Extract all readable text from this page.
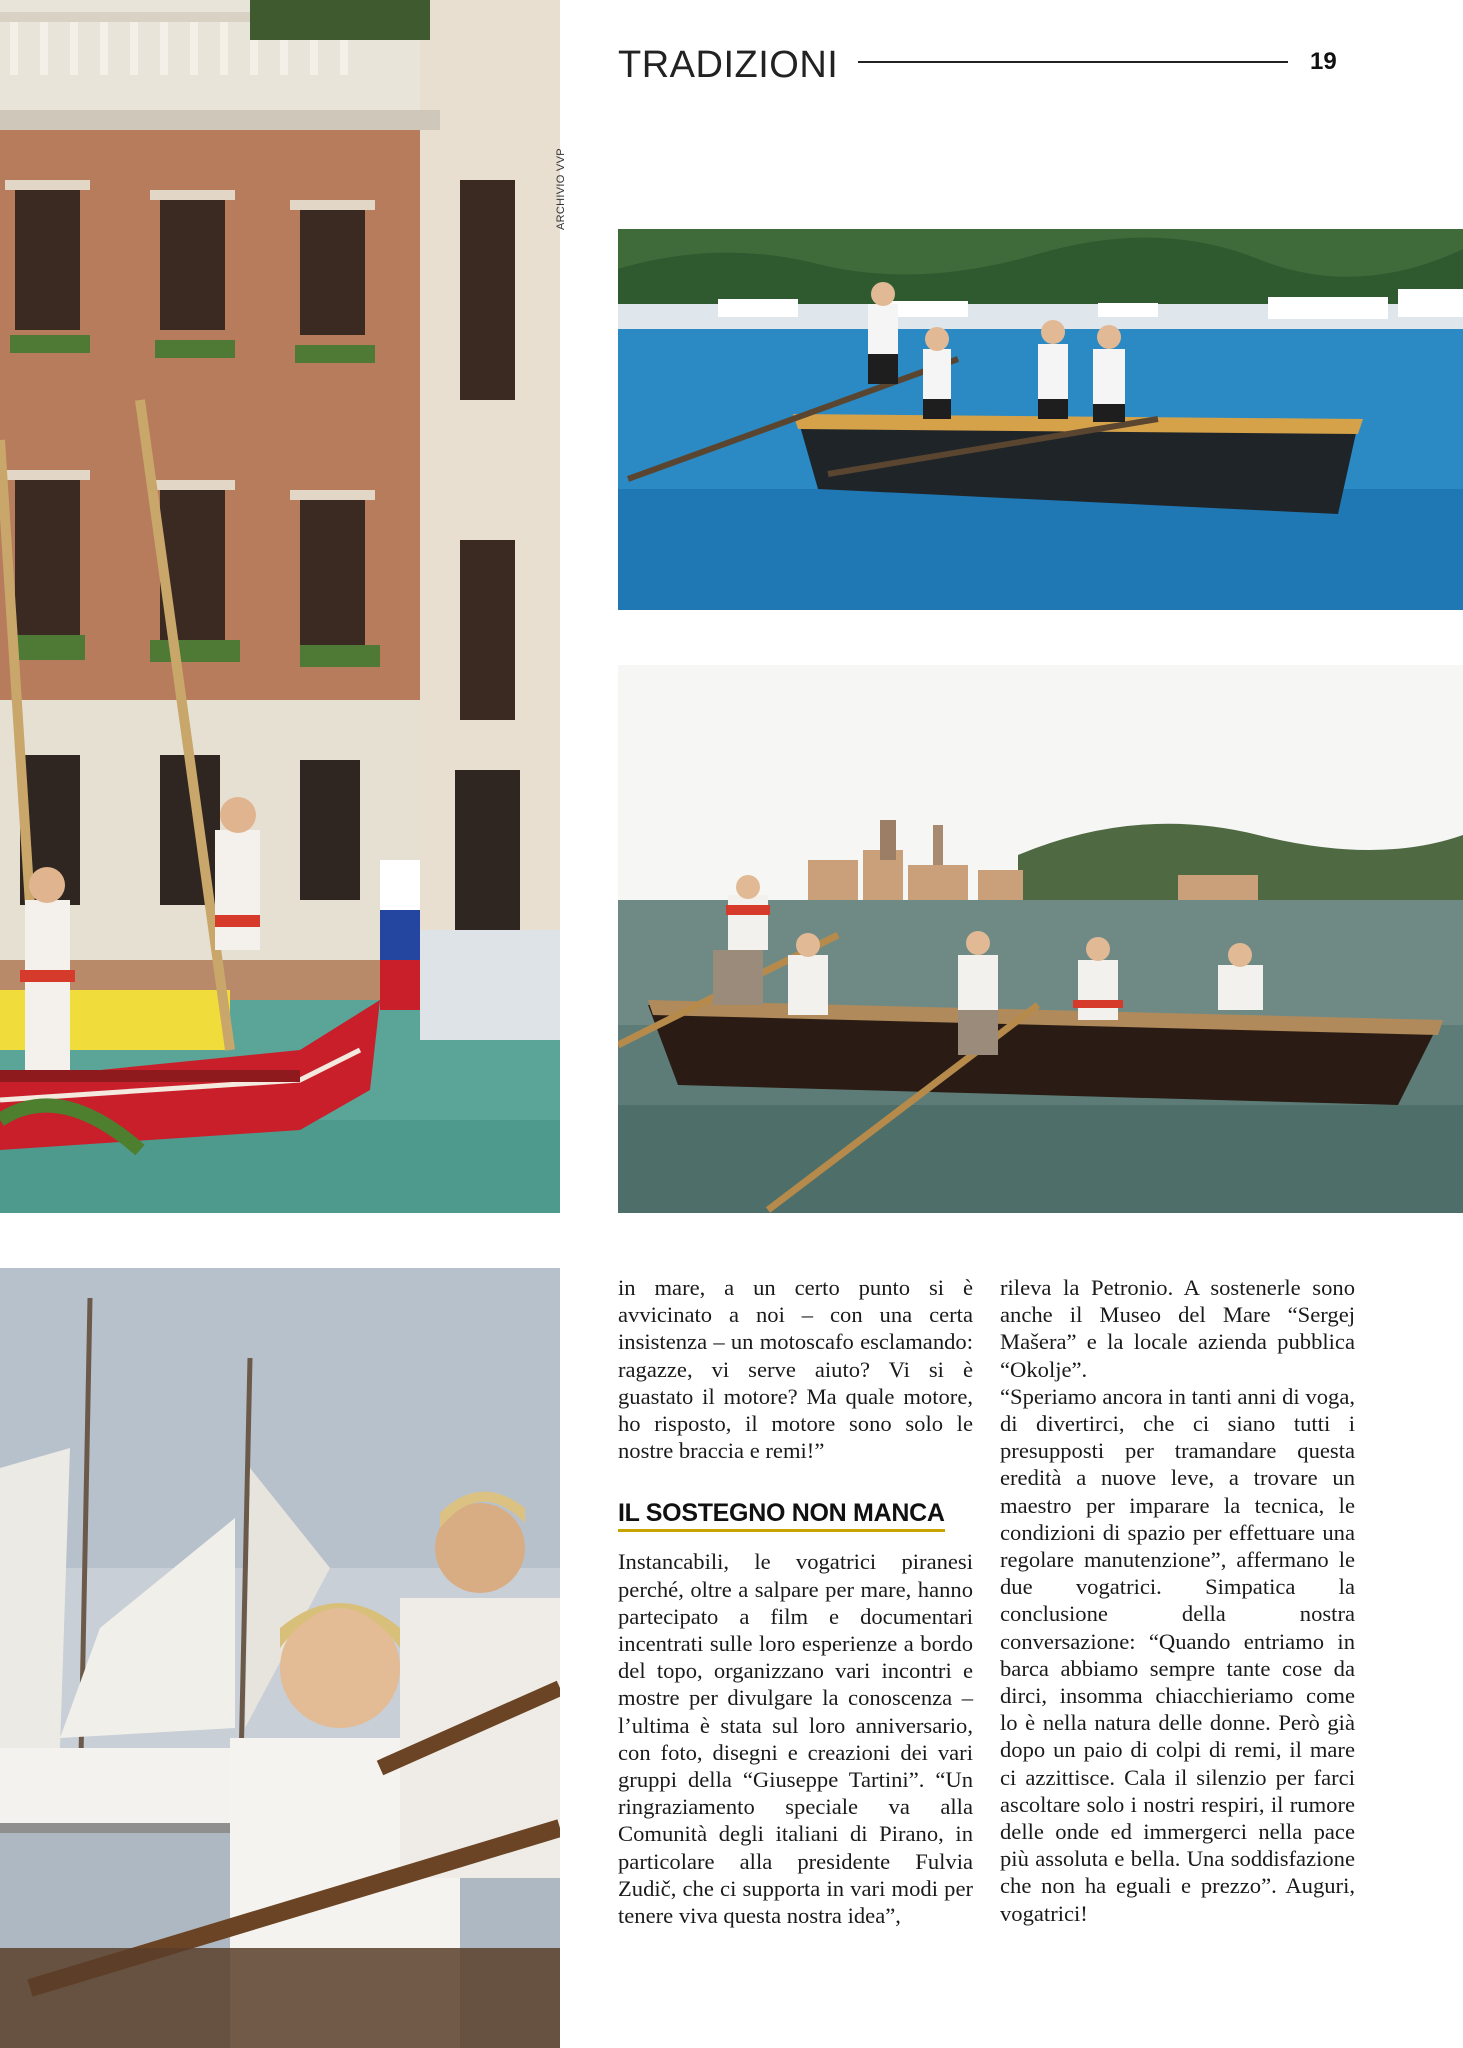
TRADIZIONI	19
ARCHIVIO VVP

in mare, a un certo punto si è avvicinato a noi – con una certa insistenza – un motoscafo esclamando: ragazze, vi serve aiuto? Vi si è guastato il motore? Ma quale motore, ho risposto, il motore sono solo le nostre braccia e remi!”

IL SOSTEGNO NON MANCA

Instancabili, le vogatrici piranesi perché, oltre a salpare per mare, hanno partecipato a film e documentari incentrati sulle loro esperienze a bordo del topo, organizzano vari incontri e mostre per divulgare la conoscenza – l’ultima è stata sul loro anniversario, con foto, disegni e creazioni dei vari gruppi della “Giuseppe Tartini”. “Un ringraziamento speciale va alla Comunità degli italiani di Pirano, in particolare alla presidente Fulvia Zudič, che ci supporta in vari modi per tenere viva questa nostra idea”,

rileva la Petronio. A sostenerle sono anche il Museo del Mare “Sergej Mašera” e la locale azienda pubblica “Okolje”.

“Speriamo ancora in tanti anni di voga, di divertirci, che ci siano tutti i presupposti per tramandare questa eredità a nuove leve, a trovare un maestro per imparare la tecnica, le condizioni di spazio per effettuare una regolare manutenzione”, affermano le due vogatrici. Simpatica la conclusione della nostra conversazione: “Quando entriamo in barca abbiamo sempre tante cose da dirci, insomma chiacchieriamo come lo è nella natura delle donne. Però già dopo un paio di colpi di remi, il mare ci azzittisce. Cala il silenzio per farci ascoltare solo i nostri respiri, il rumore delle onde ed immergerci nella pace più assoluta e bella. Una soddisfazione che non ha eguali e prezzo”. Auguri, vogatrici!
